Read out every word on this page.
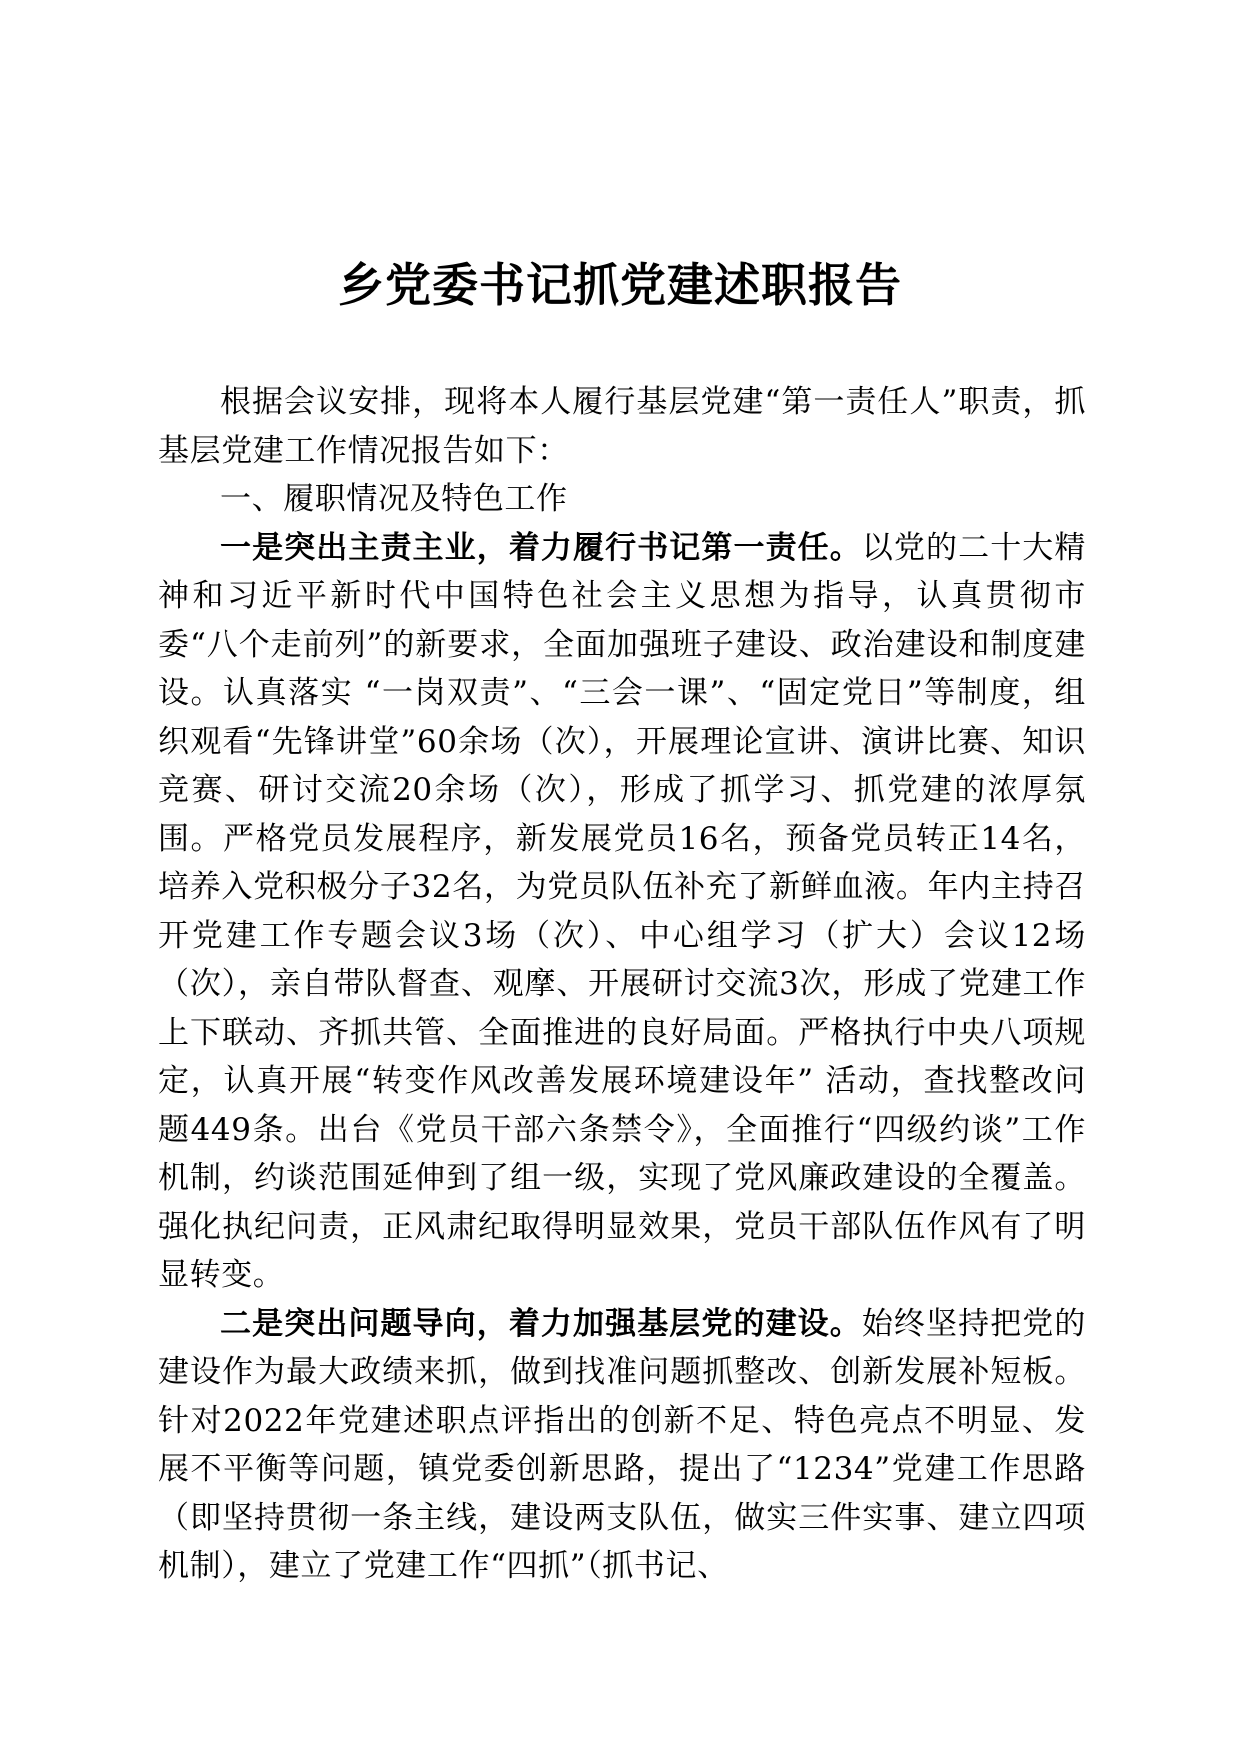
乡党委书记抓党建述职报告

根据会议安排，现将本人履行基层党建“第一责任人”职责，抓基层党建工作情况报告如下：

一、履职情况及特色工作

一是突出主责主业，着力履行书记第一责任。以党的二十大精神和习近平新时代中国特色社会主义思想为指导，认真贯彻市委“八个走前列”的新要求，全面加强班子建设、政治建设和制度建设。认真落实 “一岗双责”、“三会一课”、“固定党日”等制度，组织观看“先锋讲堂”60余场（次），开展理论宣讲、演讲比赛、知识竞赛、研讨交流20余场（次），形成了抓学习、抓党建的浓厚氛围。严格党员发展程序，新发展党员16名，预备党员转正14名，培养入党积极分子32名，为党员队伍补充了新鲜血液。年内主持召开党建工作专题会议3场（次）、中心组学习（扩大）会议12场（次），亲自带队督查、观摩、开展研讨交流3次，形成了党建工作上下联动、齐抓共管、全面推进的良好局面。严格执行中央八项规定，认真开展“转变作风改善发展环境建设年” 活动，查找整改问题449条。出台《党员干部六条禁令》，全面推行“四级约谈”工作机制，约谈范围延伸到了组一级，实现了党风廉政建设的全覆盖。强化执纪问责，正风肃纪取得明显效果，党员干部队伍作风有了明显转变。

二是突出问题导向，着力加强基层党的建设。始终坚持把党的建设作为最大政绩来抓，做到找准问题抓整改、创新发展补短板。针对2022年党建述职点评指出的创新不足、特色亮点不明显、发展不平衡等问题，镇党委创新思路，提出了“1234”党建工作思路（即坚持贯彻一条主线，建设两支队伍，做实三件实事、建立四项机制），建立了党建工作“四抓”（抓书记、
